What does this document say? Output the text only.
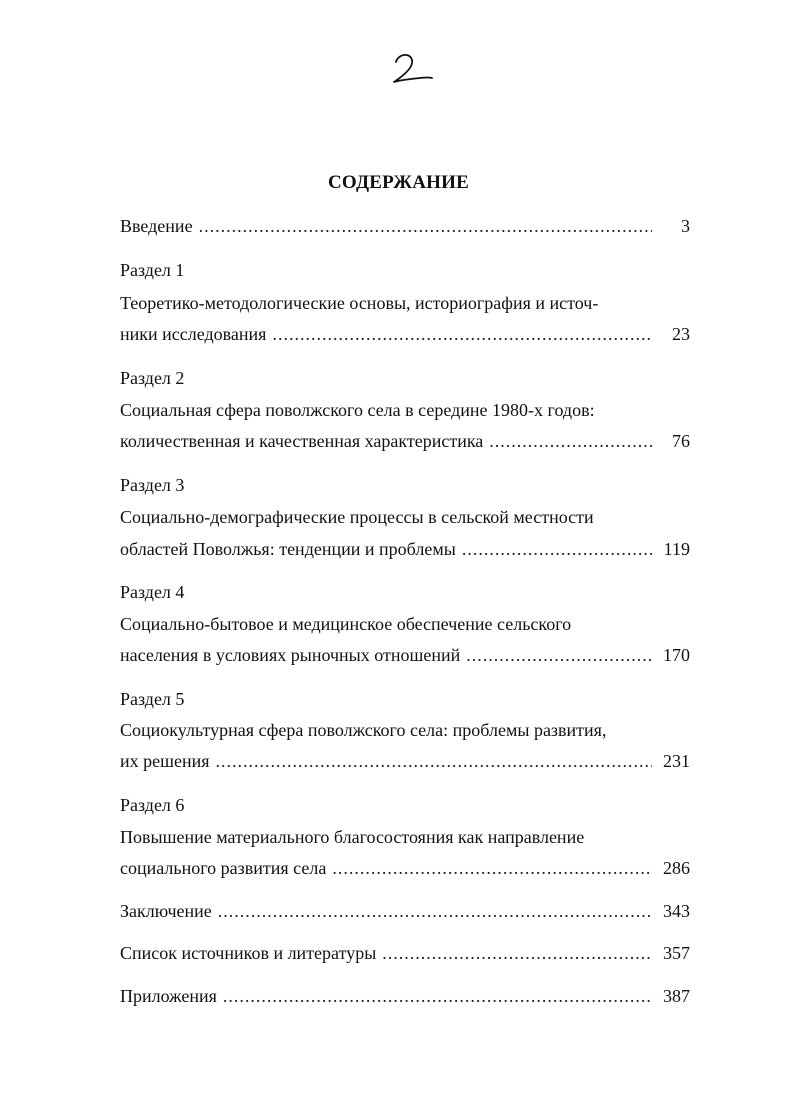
СОДЕРЖАНИЕ
Введение .....	3
Раздел 1
Теоретико-методологические основы, историография и источ-
ники исследования .....	23
Раздел 2
Социальная сфера поволжского села в середине 1980-х годов:
количественная и качественная характеристика .....	76
Раздел 3
Социально-демографические процессы в сельской местности
областей Поволжья: тенденции и проблемы .....	119
Раздел 4
Социально-бытовое и медицинское обеспечение сельского
населения в условиях рыночных отношений .....	170
Раздел 5
Социокультурная сфера поволжского села: проблемы развития,
их решения .....	231
Раздел 6
Повышение материального благосостояния как направление
социального развития села .....	286
Заключение .....	343
Список источников и литературы .....	357
Приложения .....	387
